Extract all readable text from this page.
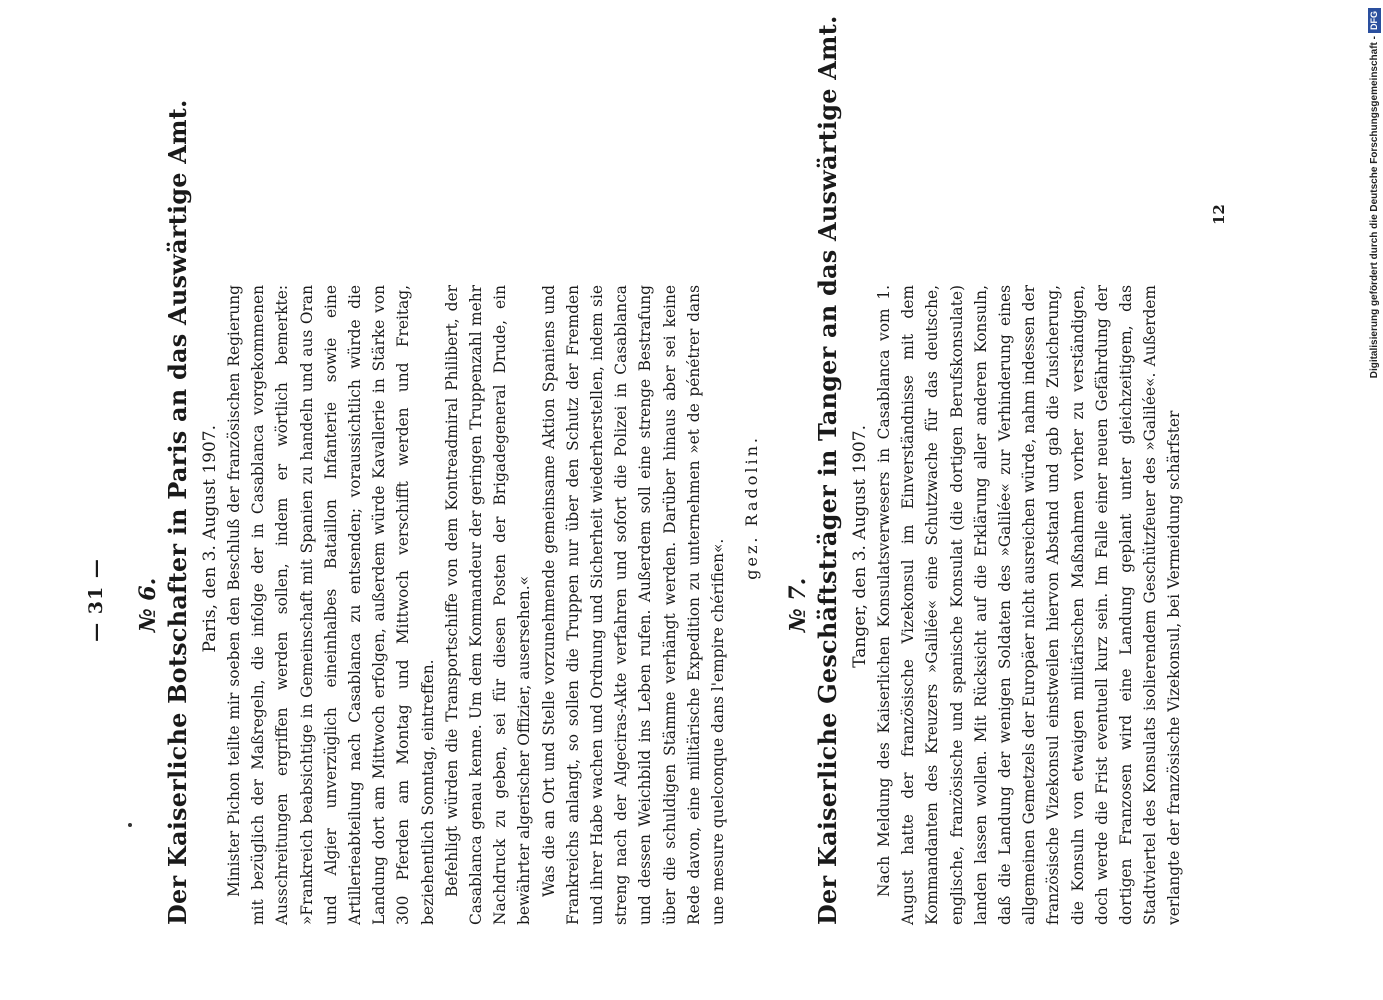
— 31 — № 6. Der Kaiserliche Botschafter in Paris an das Auswärtige Amt. Paris, den 3. August 1907. Minister Pichon teilte mir soeben den Beschluß der französischen Regierung mit bezüglich der Maßregeln, die infolge der in Casablanca vorgekommenen Ausschreitungen ergriffen werden sollen, indem er wörtlich bemerkte: »Frankreich beabsichtige in Gemeinschaft mit Spanien zu handeln und aus Oran und Algier unverzüglich eineinhalbes Bataillon Infanterie sowie eine Artillerieabteilung nach Casablanca zu entsenden; voraussichtlich würde die Landung dort am Mittwoch erfolgen, außerdem würde Kavallerie in Stärke von 300 Pferden am Montag und Mittwoch verschifft werden und Freitag, beziehentlich Sonntag, eintreffen. Befehligt würden die Transportschiffe von dem Kontreadmiral Philibert, der Casablanca genau kenne. Um dem Kommandeur der geringen Truppenzahl mehr Nachdruck zu geben, sei für diesen Posten der Brigadegeneral Drude, ein bewährter algerischer Offizier, ausersehen.« Was die an Ort und Stelle vorzunehmende gemeinsame Aktion Spaniens und Frankreichs anlangt, so sollen die Truppen nur über den Schutz der Fremden und ihrer Habe wachen und Ordnung und Sicherheit wiederherstellen, indem sie streng nach der Algeciras-Akte verfahren und sofort die Polizei in Casablanca und dessen Weichbild ins Leben rufen. Außerdem soll eine strenge Bestrafung über die schuldigen Stämme verhängt werden. Darüber hinaus aber sei keine Rede davon, eine militärische Expedition zu unternehmen »et de pénétrer dans une mesure quelconque dans l'empire chérifien«.

gez. Radolin.
№ 7. Der Kaiserliche Geschäftsträger in Tanger an das Auswärtige Amt. Tanger, den 3. August 1907. Nach Meldung des Kaiserlichen Konsulatsverwesers in Casablanca vom 1. August hatte der französische Vizekonsul im Einverständnisse mit dem Kommandanten des Kreuzers »Galilée« eine Schutzwache für das deutsche, englische, französische und spanische Konsulat (die dortigen Berufskonsulate) landen lassen wollen. Mit Rücksicht auf die Erklärung aller anderen Konsuln, daß die Landung der wenigen Soldaten des »Galilée« zur Verhinderung eines allgemeinen Gemetzels der Europäer nicht ausreichen würde, nahm indessen der französische Vizekonsul einstweilen hiervon Abstand und gab die Zusicherung, die Konsuln von etwaigen militärischen Maßnahmen vorher zu verständigen, doch werde die Frist eventuell kurz sein. Im Falle einer neuen Gefährdung der dortigen Franzosen wird eine Landung geplant unter gleichzeitigem, das Stadtviertel des Konsulats isolierendem Geschützfeuer des »Galilée«. Außerdem verlangte der französische Vizekonsul, bei Vermeidung schärfster

12	Digitalisierung gefördert durch die Deutsche Forschungsgemeinschaft -
DFG
